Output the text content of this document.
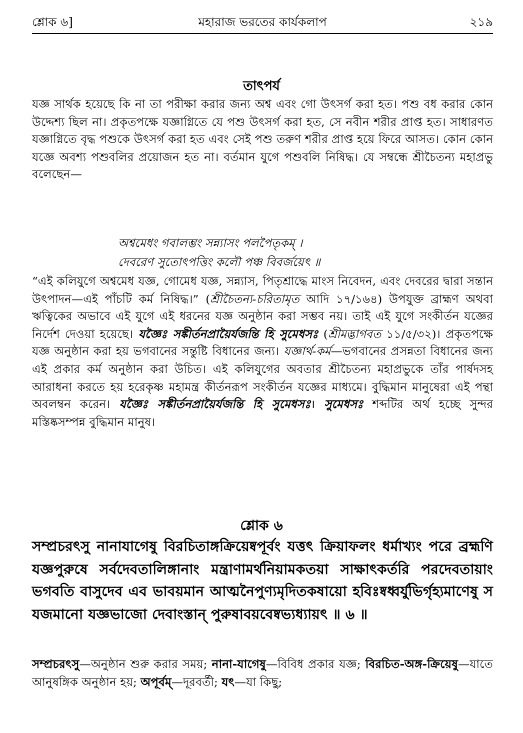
শ্লোক ৬]	মহারাজ ভরতের কার্যকলাপ	২১৯
তাৎপর্য

যজ্ঞ সার্থক হয়েছে কি না তা পরীক্ষা করার জন্য অশ্ব এবং গো উৎসর্গ করা হত। পশু বধ করার কোন উদ্দেশ্য ছিল না। প্রকৃতপক্ষে যজ্ঞাগ্নিতে যে পশু উৎসর্গ করা হত, সে নবীন শরীর প্রাপ্ত হত। সাধারণত যজ্ঞাগ্নিতে বৃদ্ধ পশুকে উৎসর্গ করা হত এবং সেই পশু তরুণ শরীর প্রাপ্ত হয়ে ফিরে আসত। কোন কোন যজ্ঞে অবশ্য পশুবলির প্রয়োজন হত না। বর্তমান যুগে পশুবলি নিষিদ্ধ। যে সম্বন্ধে শ্রীচৈতন্য মহাপ্রভু বলেছেন—

অশ্বমেধং গবালম্ভং সন্ন্যাসং পলপৈতৃকম্ ।
দেবরেণ সুতোৎপত্তিং কলৌ পঞ্চ বিবর্জয়েৎ ॥

“এই কলিযুগে অশ্বমেধ যজ্ঞ, গোমেধ যজ্ঞ, সন্ন্যাস, পিতৃশ্রাদ্ধে মাংস নিবেদন, এবং দেবরের দ্বারা সন্তান উৎপাদন—এই পাঁচটি কর্ম নিষিদ্ধ।” (শ্রীচৈতন্য-চরিতামৃত আদি ১৭/১৬৪) উপযুক্ত ব্রাহ্মণ অথবা ঋত্বিকের অভাবে এই যুগে এই ধরনের যজ্ঞ অনুষ্ঠান করা সম্ভব নয়। তাই এই যুগে সংকীর্তন যজ্ঞের নির্দেশ দেওয়া হয়েছে। যজ্ঞৈঃ সঙ্কীর্তনপ্রায়ৈর্যজন্তি হি সুমেধসঃ (শ্রীমদ্ভাগবত ১১/৫/৩২)। প্রকৃতপক্ষে যজ্ঞ অনুষ্ঠান করা হয় ভগবানের সন্তুষ্টি বিধানের জন্য। যজ্ঞার্থ-কর্ম—ভগবানের প্রসন্নতা বিধানের জন্য এই প্রকার কর্ম অনুষ্ঠান করা উচিত। এই কলিযুগের অবতার শ্রীচৈতন্য মহাপ্রভুকে তাঁর পার্ষদসহ আরাধনা করতে হয় হরেকৃষ্ণ মহামন্ত্র কীর্তনরূপ সংকীর্তন যজ্ঞের মাধ্যমে। বুদ্ধিমান মানুষেরা এই পন্থা অবলম্বন করেন। যজ্ঞৈঃ সঙ্কীর্তনপ্রায়ৈর্যজন্তি হি সুমেধসঃ। সুমেধসঃ শব্দটির অর্থ হচ্ছে সুন্দর মস্তিষ্কসম্পন্ন বুদ্ধিমান মানুষ।

শ্লোক ৬

সম্প্রচরৎসু নানাযাগেষু বিরচিতাঙ্গক্রিয়েষ্বপূর্বং যত্তৎ ক্রিয়াফলং ধর্মাখ্যং পরে ব্রহ্মণি যজ্ঞপুরুষে সর্বদেবতালিঙ্গানাং মন্ত্রাণামর্থনিয়ামকতয়া সাক্ষাৎকর্তরি পরদেবতায়াং ভগবতি বাসুদেব এব ভাবয়মান আত্মনৈপুণ্যমৃদিতকষায়ো হবিঃষ্বধ্বর্যুভির্গৃহ্যমাণেষু স যজমানো যজ্ঞভাজো দেবাংস্তান্ পুরুষাবয়বেষ্বভ্যধ্যায়ৎ ॥ ৬ ॥

সম্প্রচরৎসু—অনুষ্ঠান শুরু করার সময়; নানা-যাগেষু—বিবিধ প্রকার যজ্ঞ; বিরচিত-অঙ্গ-ক্রিয়েষু—যাতে আনুষঙ্গিক অনুষ্ঠান হয়; অপূর্বম্—দূরবর্তী; যৎ—যা কিছু;
